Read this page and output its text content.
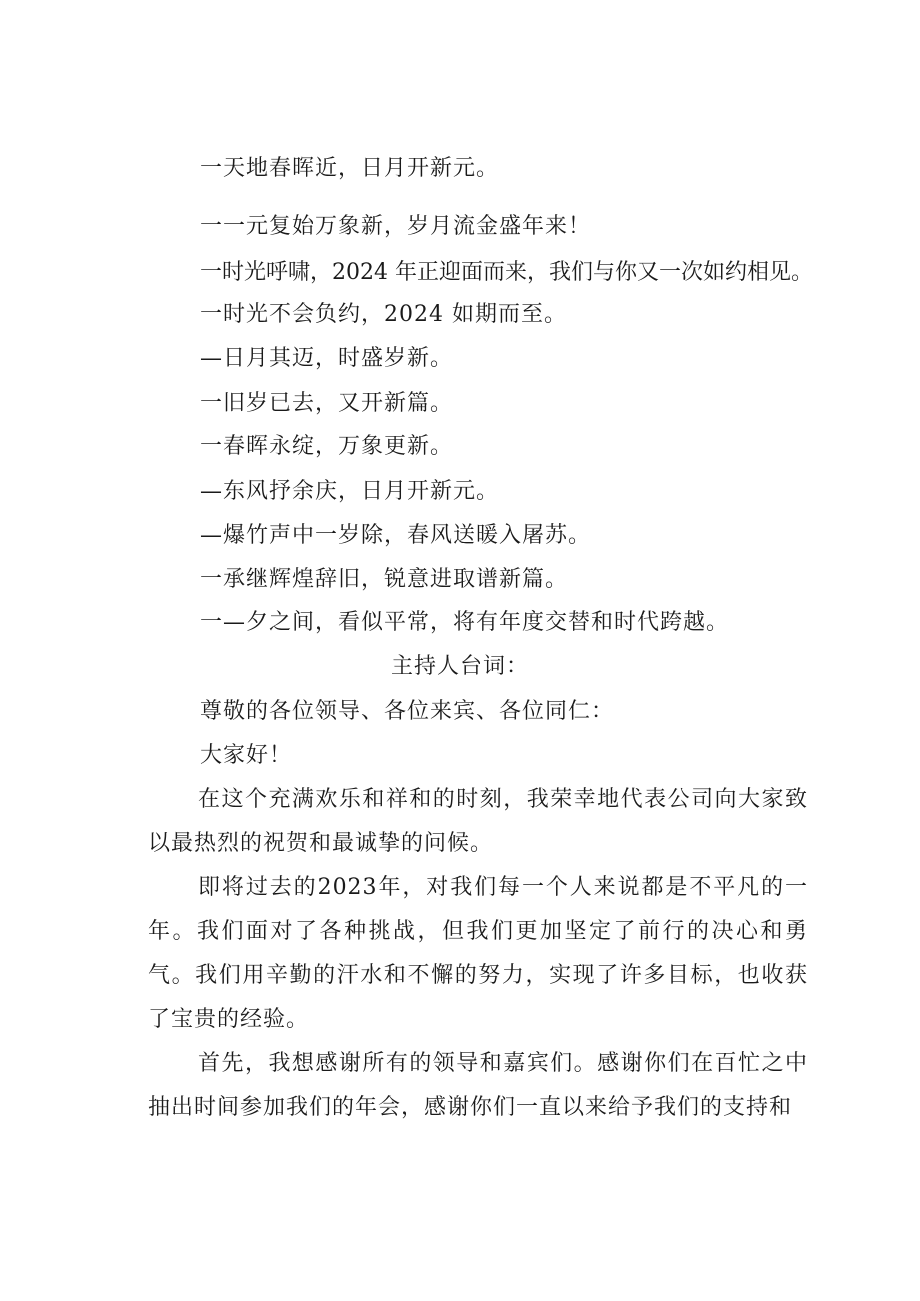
一天地春晖近，日月开新元。
一一元复始万象新，岁月流金盛年来！
一时光呼啸，2024 年正迎面而来，我们与你又一次如约相见。
一时光不会负约，2024 如期而至。
—日月其迈，时盛岁新。
一旧岁已去，又开新篇。
一春晖永绽，万象更新。
—东风抒余庆，日月开新元。
—爆竹声中一岁除，春风送暖入屠苏。
一承继辉煌辞旧，锐意进取谱新篇。
一—夕之间，看似平常，将有年度交替和时代跨越。
主持人台词：
尊敬的各位领导、各位来宾、各位同仁：
大家好！

在这个充满欢乐和祥和的时刻，我荣幸地代表公司向大家致以最热烈的祝贺和最诚挚的问候。

即将过去的2023年，对我们每一个人来说都是不平凡的一年。我们面对了各种挑战，但我们更加坚定了前行的决心和勇气。我们用辛勤的汗水和不懈的努力，实现了许多目标，也收获了宝贵的经验。

首先，我想感谢所有的领导和嘉宾们。感谢你们在百忙之中抽出时间参加我们的年会，感谢你们一直以来给予我们的支持和
